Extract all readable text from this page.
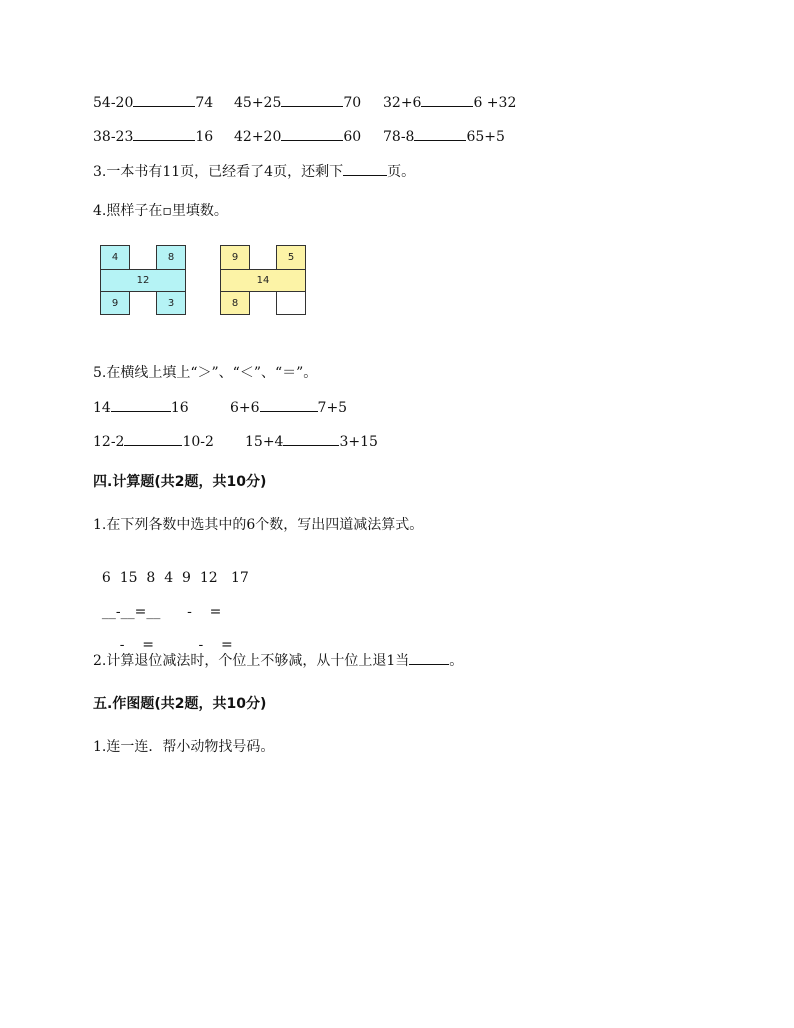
54-20	74 45+25	70 32+6	6 +32
38-23	16 42+20	60 78-8	65+5
3.一本书有11页，已经看了4页，还剩下	页。
4.照样子在▫里填数。
4	8
12
9	3
9	5
14
8
5.在横线上填上“＞”、“＜”、“＝”。
14	16	6+6	7+5
12-2	10-2 15+4	3+15
四.计算题(共2题，共10分)
1.在下列各数中选其中的6个数，写出四道减法算式。

6  15  8  4  9  12   17

__-__=__      -    =

-    =          -    =

2.计算退位减法时，个位上不够减，从十位上退1当	。
五.作图题(共2题，共10分)
1.连一连．帮小动物找号码。
